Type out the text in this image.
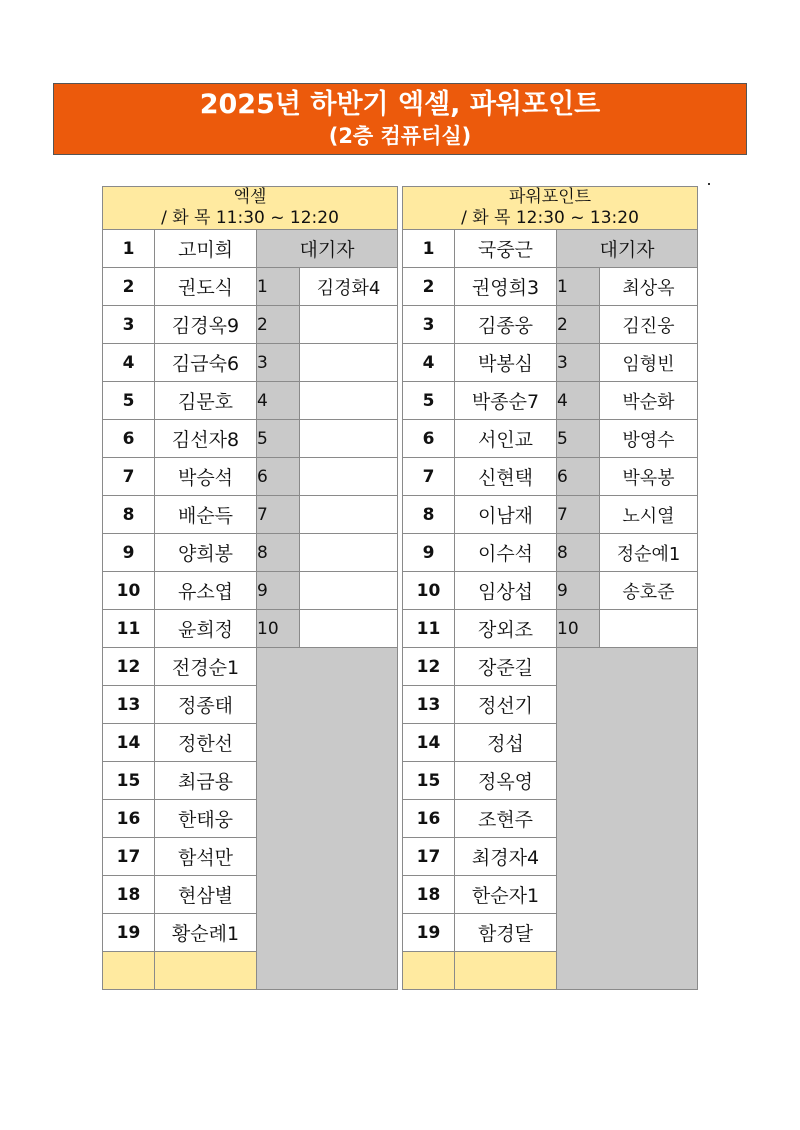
2025년 하반기 엑셀, 파워포인트
(2층 컴퓨터실)
엑셀
/ 화 목 11:30 ~ 12:20			

1	고미희	대기자	
2	권도식	1	김경화4
3	김경옥9	2	
4	김금숙6	3	
5	김문호	4	
6	김선자8	5	
7	박승석	6	
8	배순득	7	
9	양희봉	8	
10	유소엽	9	
11	윤희정	10	
12	전경순1		
13	정종태		
14	정한선		
15	최금용		
16	한태웅		
17	함석만		
18	현삼별		
19	황순례1		

파워포인트
/ 화 목 12:30 ~ 13:20			

1	국중근	대기자	
2	권영희3	1	최상옥
3	김종웅	2	김진웅
4	박봉심	3	임형빈
5	박종순7	4	박순화
6	서인교	5	방영수
7	신현택	6	박옥봉
8	이남재	7	노시열
9	이수석	8	정순예1
10	임상섭	9	송호준
11	장외조	10	
12	장준길		
13	정선기		
14	정섭		
15	정옥영		
16	조현주		
17	최경자4		
18	한순자1		
19	함경달		
